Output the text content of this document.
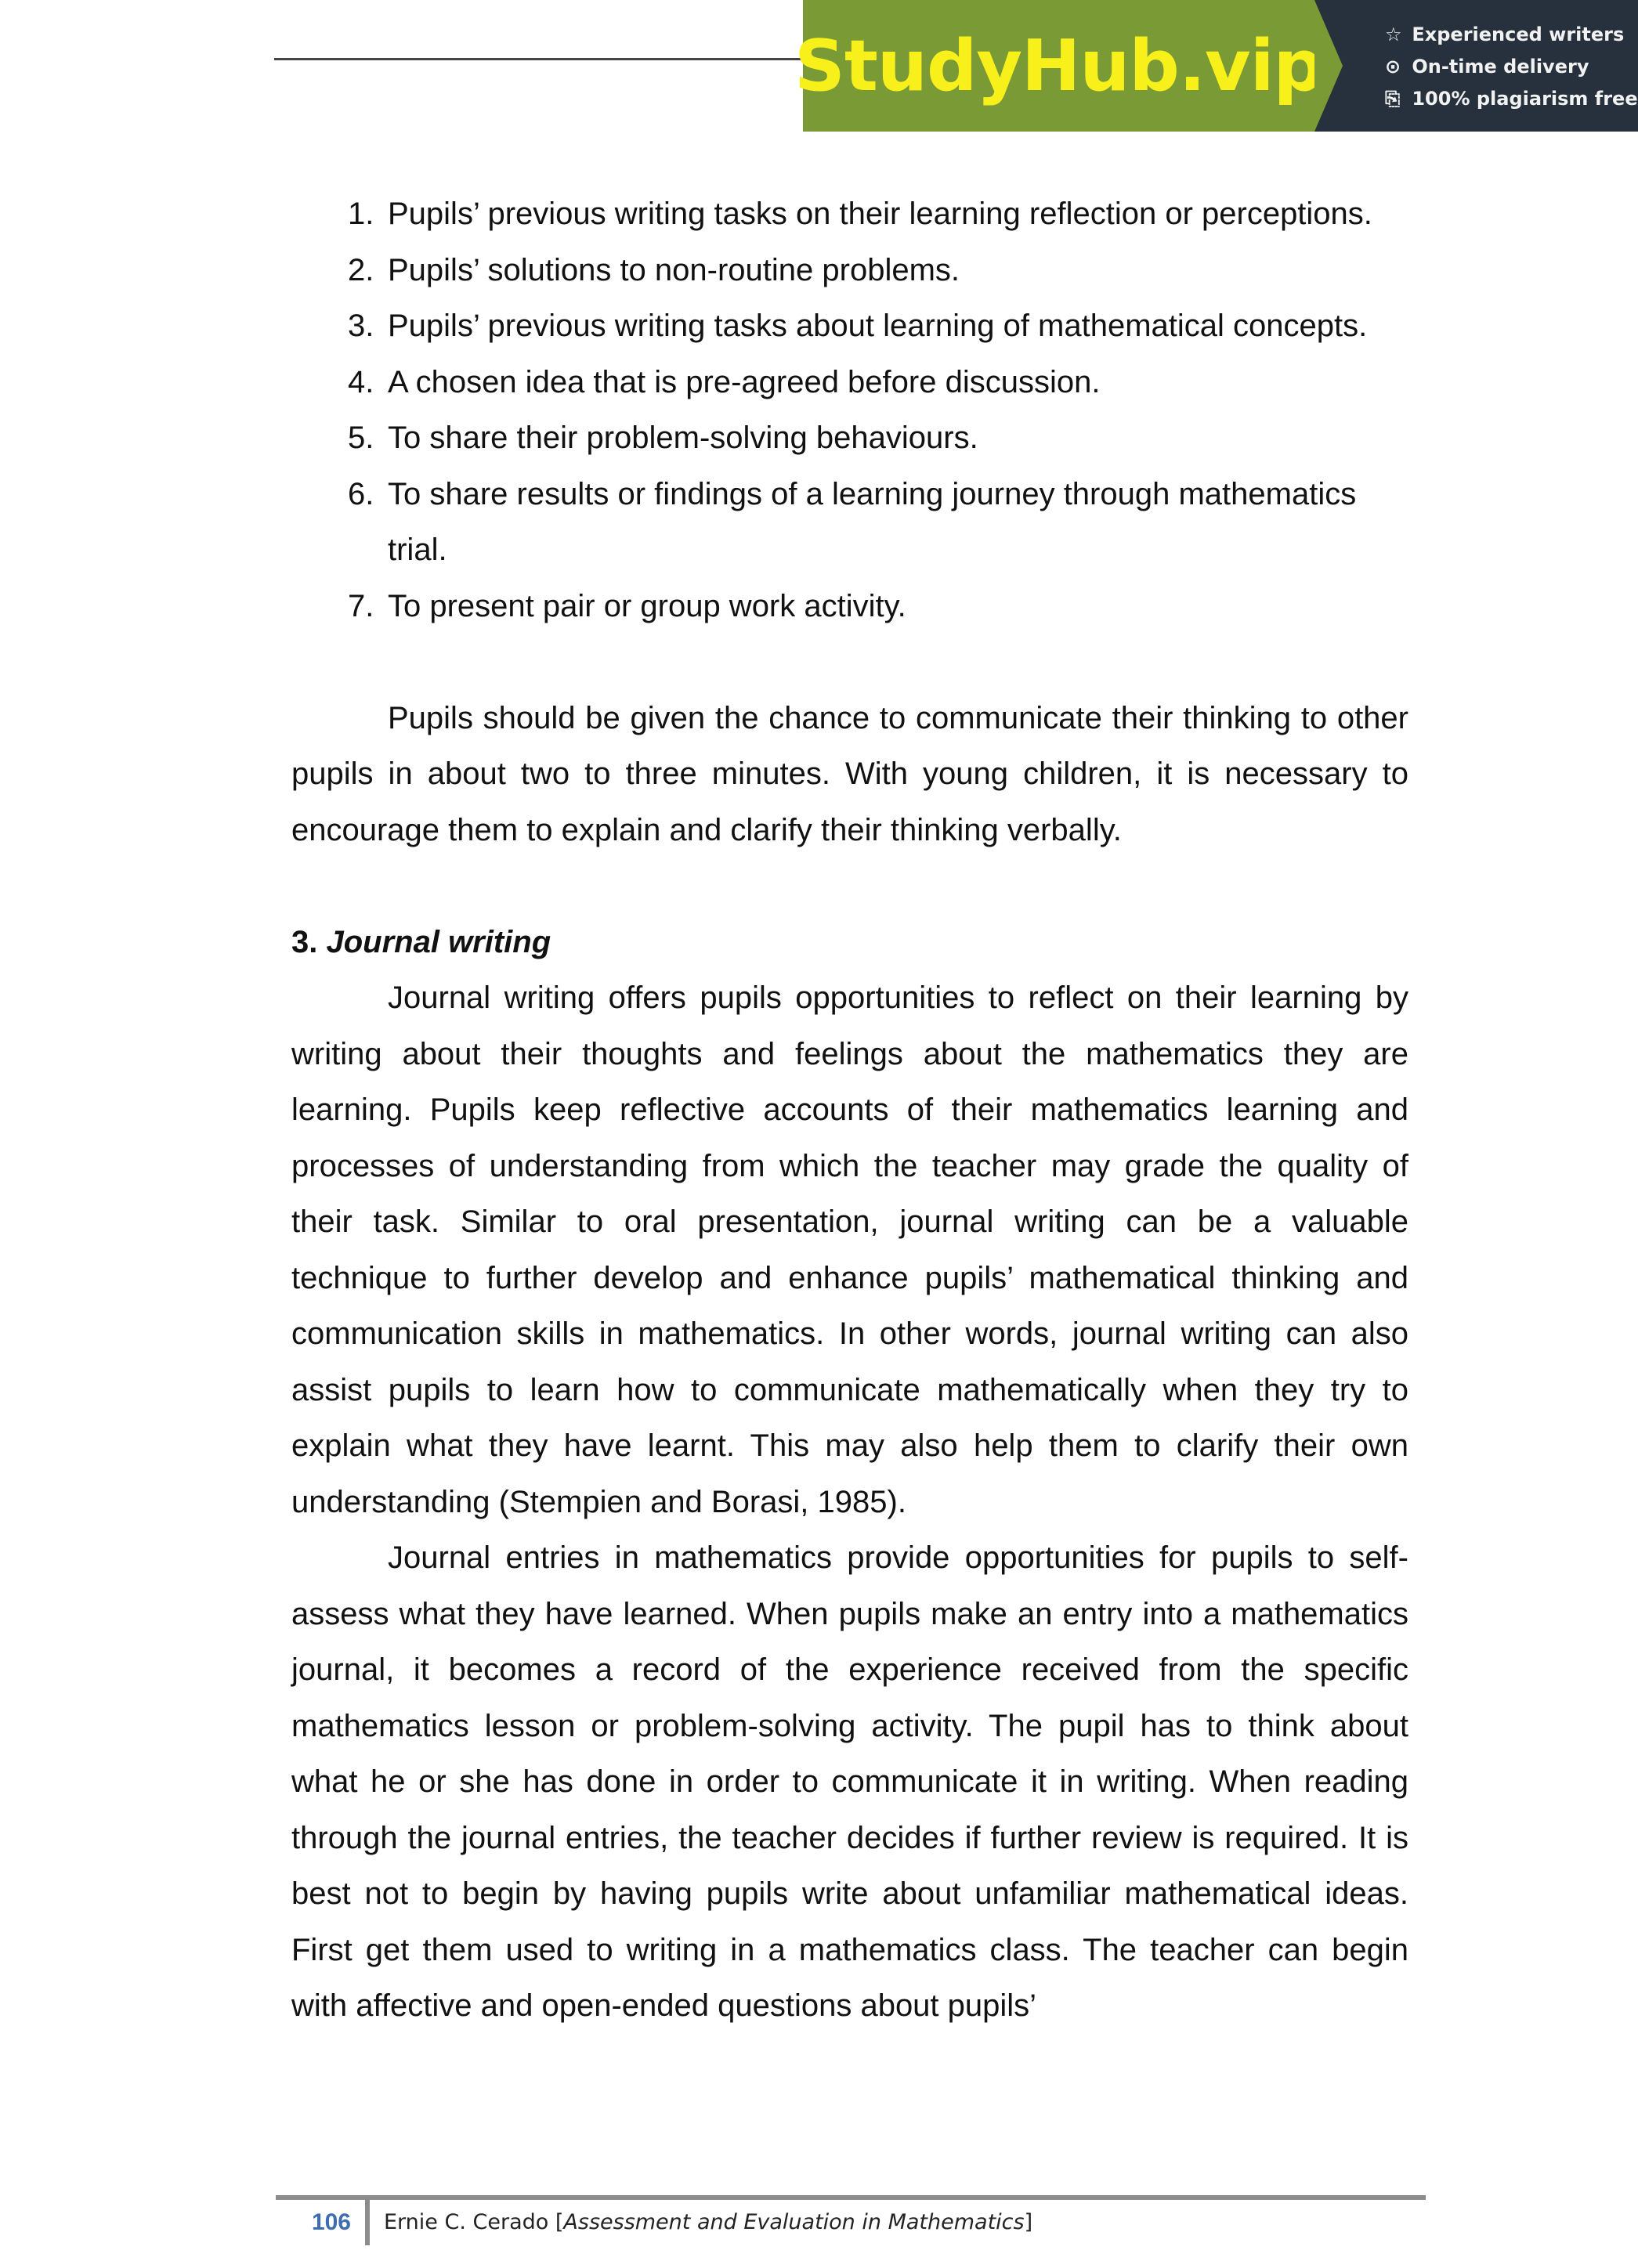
StudyHub.vip	☆ Experienced writers
⊙ On-time delivery
⎘ 100% plagiarism free
1. Pupils’ previous writing tasks on their learning reflection or perceptions.
2. Pupils’ solutions to non-routine problems.
3. Pupils’ previous writing tasks about learning of mathematical concepts.
4. A chosen idea that is pre-agreed before discussion.
5. To share their problem-solving behaviours.
6. To share results or findings of a learning journey through mathematics trial.
7. To present pair or group work activity.

Pupils should be given the chance to communicate their thinking to other pupils in about two to three minutes. With young children, it is necessary to encourage them to explain and clarify their thinking verbally.

3. Journal writing

Journal writing offers pupils opportunities to reflect on their learning by writing about their thoughts and feelings about the mathematics they are learning. Pupils keep reflective accounts of their mathematics learning and processes of understanding from which the teacher may grade the quality of their task. Similar to oral presentation, journal writing can be a valuable technique to further develop and enhance pupils’ mathematical thinking and communication skills in mathematics. In other words, journal writing can also assist pupils to learn how to communicate mathematically when they try to explain what they have learnt. This may also help them to clarify their own understanding (Stempien and Borasi, 1985).

Journal entries in mathematics provide opportunities for pupils to self-assess what they have learned. When pupils make an entry into a mathematics journal, it becomes a record of the experience received from the specific mathematics lesson or problem-solving activity. The pupil has to think about what he or she has done in order to communicate it in writing. When reading through the journal entries, the teacher decides if further review is required. It is best not to begin by having pupils write about unfamiliar mathematical ideas. First get them used to writing in a mathematics class. The teacher can begin with affective and open-ended questions about pupils’

106	Ernie C. Cerado [Assessment and Evaluation in Mathematics]
